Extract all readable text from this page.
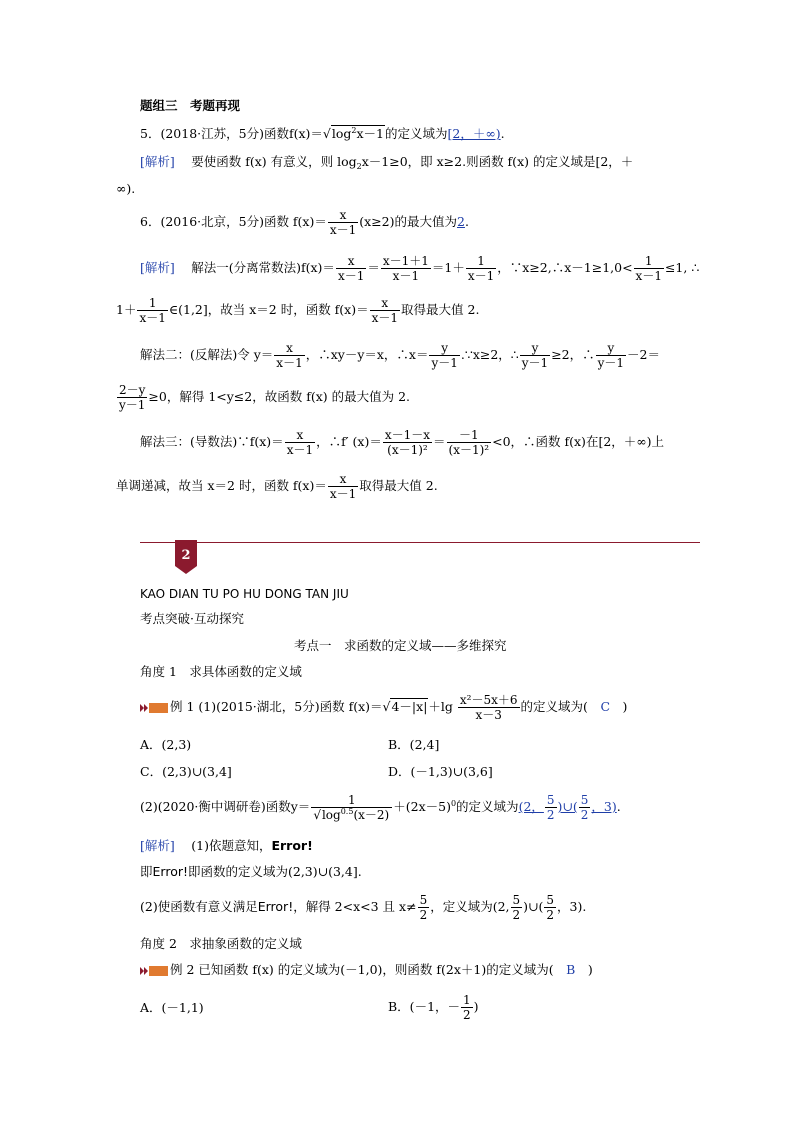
题组三　考题再现
5．(2018·江苏，5分)函数$f(x)=√\log^2x-1$的定义域为[2，＋∞).
[解析]　 要使函数 f(x) 有意义，则 $\log_2x-1\ge 0$，即 x≥2.则函数 f(x) 的定义域是[2，＋
∞).
6．(2016·北京，5分)函数 $f(x)= \frac{x}{x-1} (x\ge 2)$的最大值为2.
[解析]　 解法一(分离常数法)$f(x)= \frac{x}{x-1} = \frac{x-1+1}{x-1} =1+ \frac{1}{x-1}$ ，∵x≥2,∴x－1≥1,0< $\frac{1}{x-1} \le 1$, ∴
$1+ \frac{1}{x-1}$ ∈(1,2]，故当 x＝2 时，函数 $f(x)= \frac{x}{x-1}$ 取得最大值 2.
解法二：(反解法)令 $y= \frac{x}{x-1}$ ，∴xy－y＝x，∴x＝ $\frac{y}{y-1}$ .∵x≥2，∴ $\frac{y}{y-1} \ge 2$，∴ $\frac{y}{y-1} -2=$
$\frac{2-y}{y-1} \ge 0$，解得 1<y≤2，故函数 f(x) 的最大值为 2.
解法三：(导数法)∵f(x)＝ $\frac{x}{x-1}$ ，∴f′ $(x)= \frac{x-1-x}{\text{(x－1)²}} = \frac{-1}{\text{(x－1)²}} <0$，∴函数 f(x)在[2，＋∞)上
单调递减，故当 x＝2 时，函数 $f(x)= \frac{x}{x-1}$ 取得最大值 2.
2
KAO DIAN TU PO HU DONG TAN JIU
考点突破·互动探究
考点一　求函数的定义域——多维探究
角度 1　求具体函数的定义域
例 1 (1)(2015·湖北，5分)函数 $f(x)=√4-|x|+\lg \frac{\text{x²－5x＋6}}{x-3}$ 的定义域为(　 C　 )
A．(2,3)	B．(2,4]
C．(2,3)∪(3,4]	D．(－1,3)∪(3,6]
(2)(2020·衡中调研卷)函数$y= \frac{1}{√\log^{0.5}(x-2)} +(2x-5)^0$的定义域为(2， $\frac{5}{2}$ )∪( $\frac{5}{2}$ ，3).
[解析]　 (1)依题意知，Error!
即Error!即函数的定义域为(2,3)∪(3,4].
(2)使函数有意义满足Error!，解得 2<x<3 且 $x\ne \frac{5}{2}$ ，定义域为(2, $\frac{5}{2}$ )∪( $\frac{5}{2}$ ，3).
角度 2　求抽象函数的定义域
例 2 已知函数 f(x) 的定义域为(－1,0)，则函数 f(2x＋1)的定义域为(　 B　 )
A．(－1,1)	B．(－1，－ $\frac{1}{2}$ )
